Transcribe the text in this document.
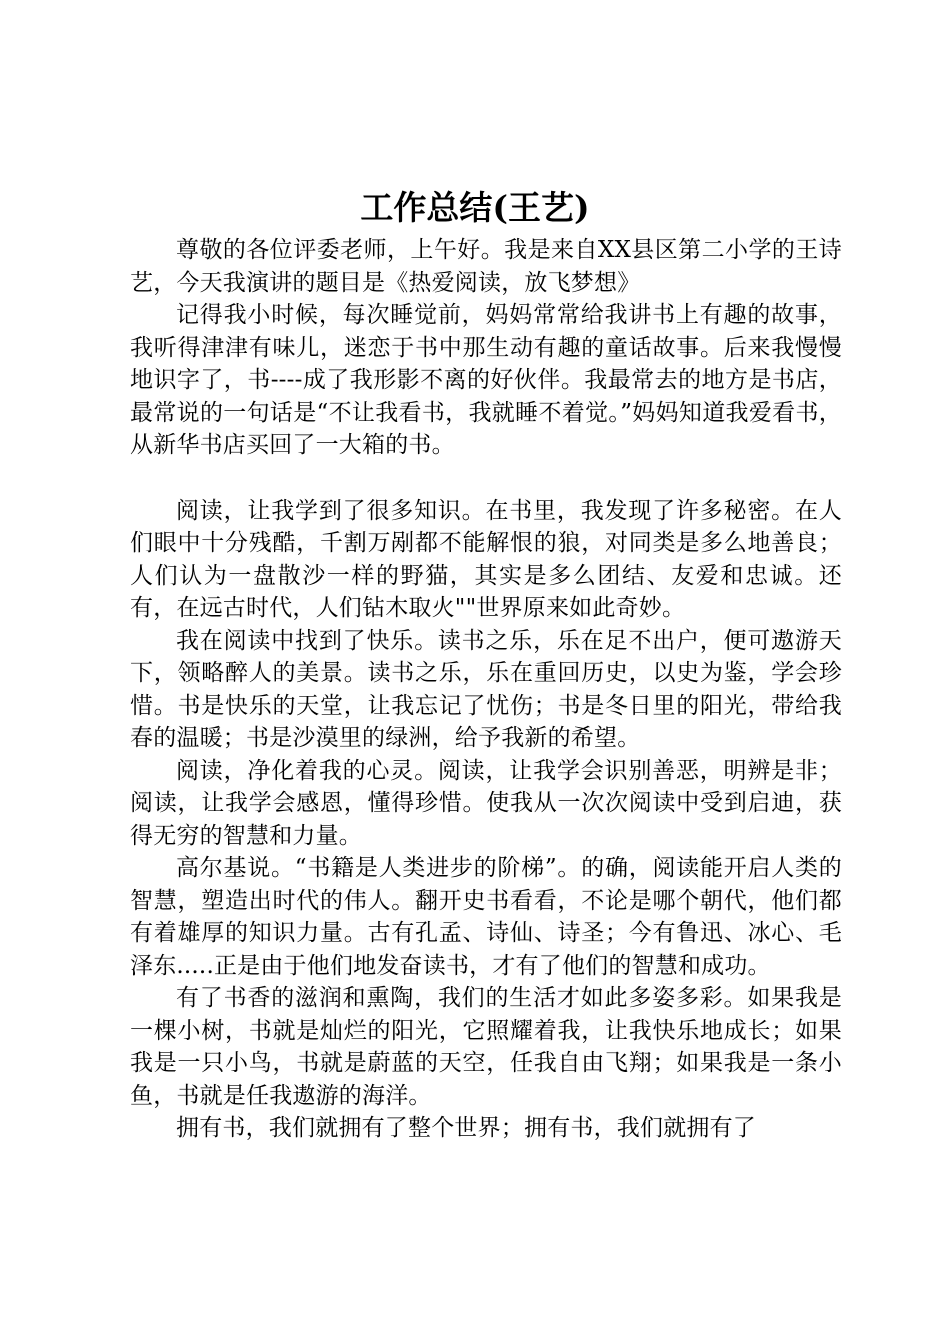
工作总结(王艺)

尊敬的各位评委老师，上午好。我是来自XX县区第二小学的王诗艺，今天我演讲的题目是《热爱阅读，放飞梦想》

记得我小时候，每次睡觉前，妈妈常常给我讲书上有趣的故事，我听得津津有味儿，迷恋于书中那生动有趣的童话故事。后来我慢慢地识字了，书----成了我形影不离的好伙伴。我最常去的地方是书店，最常说的一句话是“不让我看书，我就睡不着觉。”妈妈知道我爱看书，从新华书店买回了一大箱的书。

阅读，让我学到了很多知识。在书里，我发现了许多秘密。在人们眼中十分残酷，千割万剐都不能解恨的狼，对同类是多么地善良；人们认为一盘散沙一样的野猫，其实是多么团结、友爱和忠诚。还有，在远古时代，人们钻木取火""世界原来如此奇妙。

我在阅读中找到了快乐。读书之乐，乐在足不出户，便可遨游天下，领略醉人的美景。读书之乐，乐在重回历史，以史为鉴，学会珍惜。书是快乐的天堂，让我忘记了忧伤；书是冬日里的阳光，带给我春的温暖；书是沙漠里的绿洲，给予我新的希望。

阅读，净化着我的心灵。阅读，让我学会识别善恶，明辨是非；阅读，让我学会感恩，懂得珍惜。使我从一次次阅读中受到启迪，获得无穷的智慧和力量。

高尔基说。“书籍是人类进步的阶梯”。的确，阅读能开启人类的智慧，塑造出时代的伟人。翻开史书看看，不论是哪个朝代，他们都有着雄厚的知识力量。古有孔孟、诗仙、诗圣；今有鲁迅、冰心、毛泽东.....正是由于他们地发奋读书，才有了他们的智慧和成功。

有了书香的滋润和熏陶，我们的生活才如此多姿多彩。如果我是一棵小树，书就是灿烂的阳光，它照耀着我，让我快乐地成长；如果我是一只小鸟，书就是蔚蓝的天空，任我自由飞翔；如果我是一条小鱼，书就是任我遨游的海洋。

拥有书，我们就拥有了整个世界；拥有书，我们就拥有了
